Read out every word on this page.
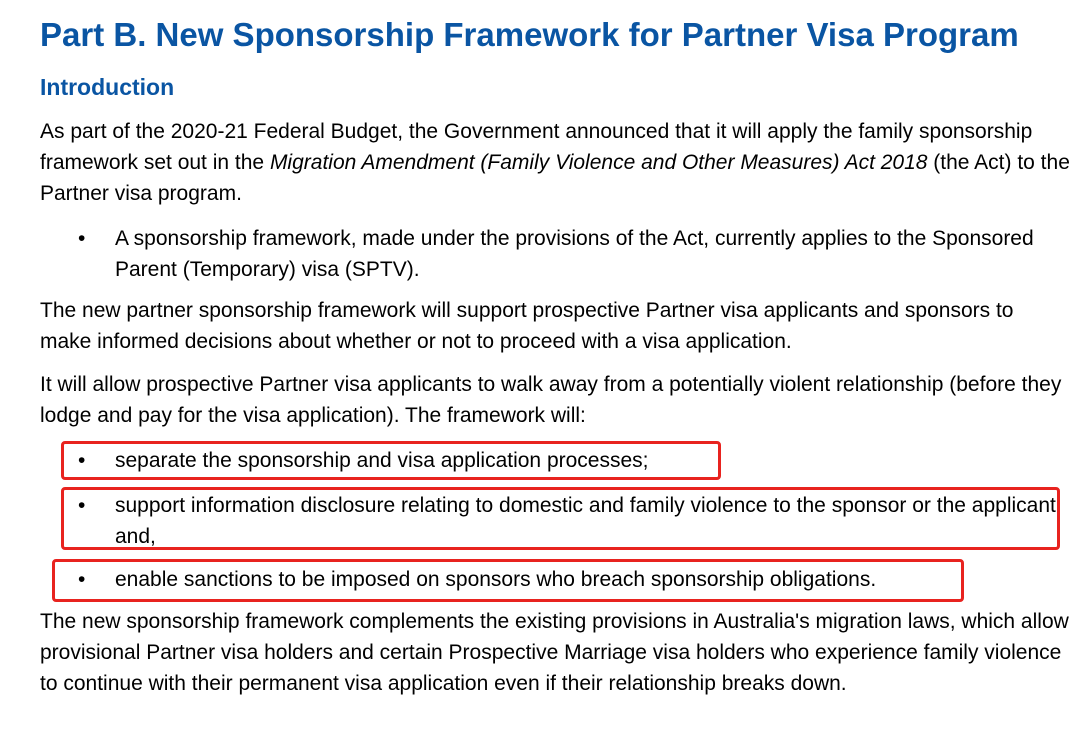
Part B. New Sponsorship Framework for Partner Visa Program
Introduction

As part of the 2020-21 Federal Budget, the Government announced that it will apply the family sponsorship framework set out in the Migration Amendment (Family Violence and Other Measures) Act 2018 (the Act) to the Partner visa program.

•	A sponsorship framework, made under the provisions of the Act, currently applies to the Sponsored Parent (Temporary) visa (SPTV).

The new partner sponsorship framework will support prospective Partner visa applicants and sponsors to make informed decisions about whether or not to proceed with a visa application.

It will allow prospective Partner visa applicants to walk away from a potentially violent relationship (before they lodge and pay for the visa application). The framework will:

•	separate the sponsorship and visa application processes;
•	support information disclosure relating to domestic and family violence to the sponsor or the applicant; and,
•	enable sanctions to be imposed on sponsors who breach sponsorship obligations.

The new sponsorship framework complements the existing provisions in Australia's migration laws, which allow provisional Partner visa holders and certain Prospective Marriage visa holders who experience family violence to continue with their permanent visa application even if their relationship breaks down.
